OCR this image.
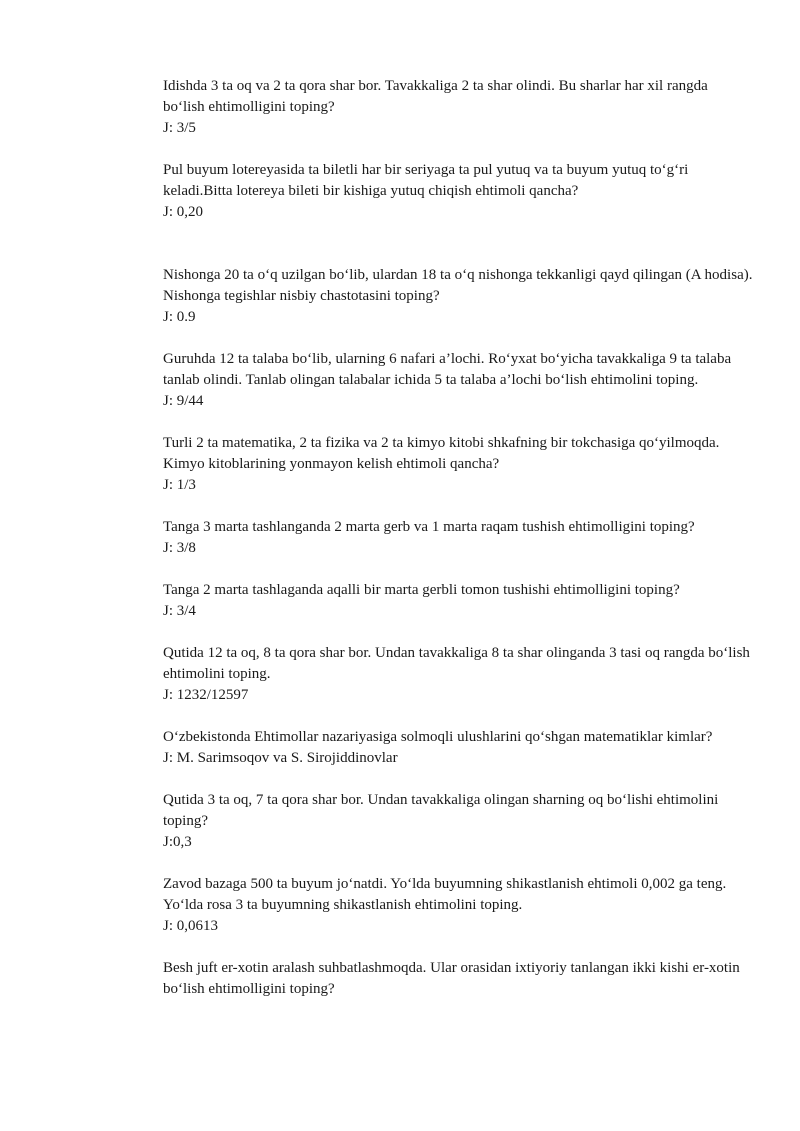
Idishda 3 ta oq va 2 ta qora shar bor. Tavakkaliga 2 ta shar olindi. Bu sharlar har xil rangda bo‘lish ehtimolligini toping?

J: 3/5

Pul buyum lotereyasida ta biletli har bir seriyaga ta pul yutuq va ta buyum yutuq to‘g‘ri keladi.Bitta lotereya bileti bir kishiga yutuq chiqish ehtimoli qancha?

J: 0,20

Nishonga 20 ta o‘q uzilgan bo‘lib, ulardan 18 ta o‘q nishonga tekkanligi qayd qilingan (A hodisa). Nishonga tegishlar nisbiy chastotasini toping?

J: 0.9

Guruhda 12 ta talaba bo‘lib, ularning 6 nafari a’lochi. Ro‘yxat bo‘yicha tavakkaliga 9 ta talaba tanlab olindi. Tanlab olingan talabalar ichida 5 ta talaba a’lochi bo‘lish ehtimolini toping.

J: 9/44

Turli 2 ta matematika, 2 ta fizika va 2 ta kimyo kitobi shkafning bir tokchasiga qo‘yilmoqda. Kimyo kitoblarining yonmayon kelish ehtimoli qancha?

J: 1/3

Tanga 3 marta tashlanganda 2 marta gerb va 1 marta raqam tushish ehtimolligini toping?

J: 3/8

Tanga 2 marta tashlaganda aqalli bir marta gerbli tomon tushishi ehtimolligini toping?

J: 3/4

Qutida 12 ta oq, 8 ta qora shar bor. Undan tavakkaliga 8 ta shar olinganda 3 tasi oq rangda bo‘lish ehtimolini toping.

J: 1232/12597

O‘zbekistonda Ehtimollar nazariyasiga solmoqli ulushlarini qo‘shgan matematiklar kimlar?

J: M. Sarimsoqov va S. Sirojiddinovlar

Qutida 3 ta oq, 7 ta qora shar bor. Undan tavakkaliga olingan sharning oq bo‘lishi ehtimolini toping?

J:0,3

Zavod bazaga 500 ta buyum jo‘natdi. Yo‘lda buyumning shikastlanish ehtimoli 0,002 ga teng. Yo‘lda rosa 3 ta buyumning shikastlanish ehtimolini toping.

J: 0,0613

Besh juft er-xotin aralash suhbatlashmoqda. Ular orasidan ixtiyoriy tanlangan ikki kishi er-xotin bo‘lish ehtimolligini toping?
